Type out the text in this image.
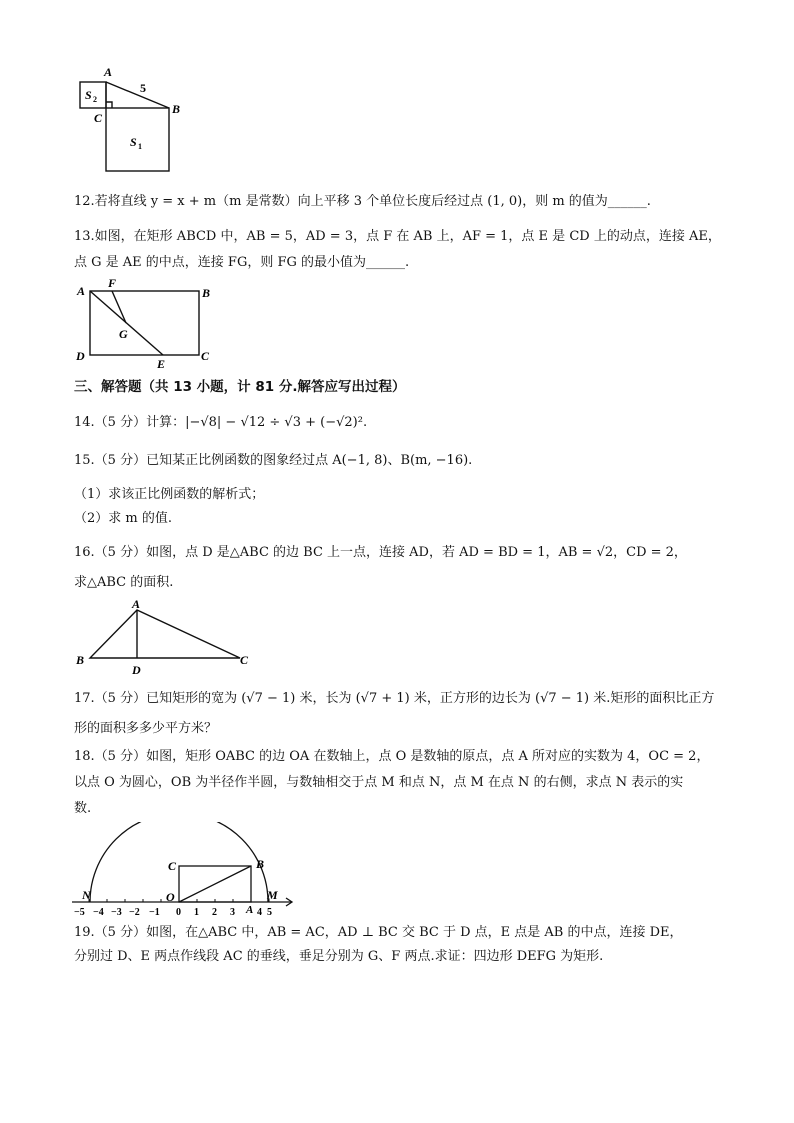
A
5
B
C
S 2
S 1
12.若将直线 y = x + m（m 是常数）向上平移 3 个单位长度后经过点 (1, 0)，则 m 的值为______.
13.如图，在矩形 ABCD 中，AB = 5，AD = 3，点 F 在 AB 上，AF = 1，点 E 是 CD 上的动点，连接 AE，
点 G 是 AE 的中点，连接 FG，则 FG 的最小值为______.
A
F
B
G
D
E
C
三、解答题（共 13 小题，计 81 分.解答应写出过程）
14.（5 分）计算：|−√8| − √12 ÷ √3 + (−√2)².
15.（5 分）已知某正比例函数的图象经过点 A(−1, 8)、B(m, −16).
（1）求该正比例函数的解析式；
（2）求 m 的值.
16.（5 分）如图，点 D 是△ABC 的边 BC 上一点，连接 AD，若 AD = BD = 1，AB = √2，CD = 2，
求△ABC 的面积.
A
B
D
C
17.（5 分）已知矩形的宽为 (√7 − 1) 米，长为 (√7 + 1) 米，正方形的边长为 (√7 − 1) 米.矩形的面积比正方
形的面积多多少平方米？
18.（5 分）如图，矩形 OABC 的边 OA 在数轴上，点 O 是数轴的原点，点 A 所对应的实数为 4，OC = 2，
以点 O 为圆心，OB 为半径作半圆，与数轴相交于点 M 和点 N，点 M 在点 N 的右侧，求点 N 表示的实
数.
N
C	B
O
A
M
−5 −4 −3 −2 −1 0 1 2 3 4 5
19.（5 分）如图，在△ABC 中，AB = AC，AD ⊥ BC 交 BC 于 D 点，E 点是 AB 的中点，连接 DE，
分别过 D、E 两点作线段 AC 的垂线，垂足分别为 G、F 两点.求证：四边形 DEFG 为矩形.
